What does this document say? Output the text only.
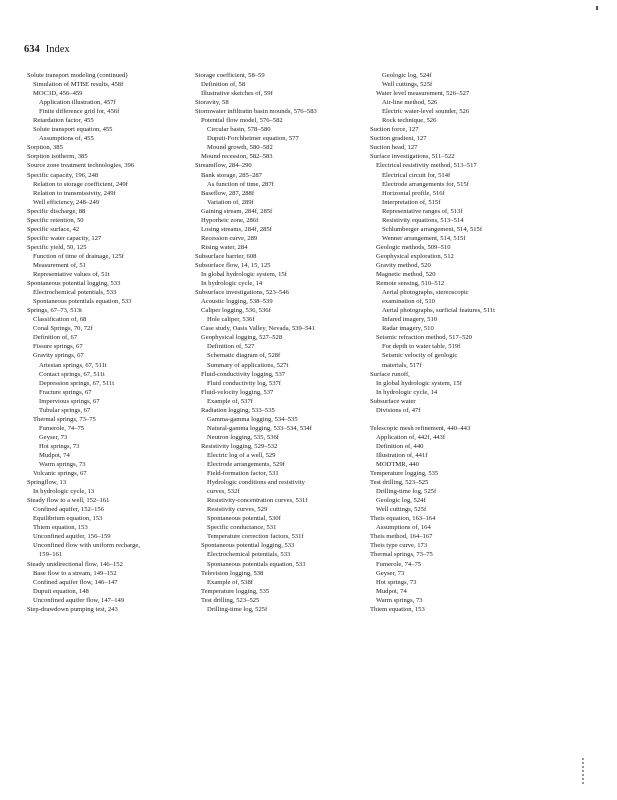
634 Index
Solute transport modeling (continued)
Simulation of MTBE results, 458f
MOC3D, 456–459
Application illustration, 457f
Finite difference grid for, 456f
Retardation factor, 455
Solute transport equation, 455
Assumptions of, 455
Sorption, 385
Sorption isotherm, 385
Source zone treatment technologies, 396
Specific capacity, 196, 248
Relation to storage coefficient, 249f
Relation to transmissivity, 249f
Well efficiency, 248–249
Specific discharge, 88
Specific retention, 50
Specific surface, 42
Specific water capacity, 127
Specific yield, 50, 125
Function of time of drainage, 125f
Measurement of, 51
Representative values of, 51t
Spontaneous potential logging, 533
Electrochemical potentials, 533
Spontaneous potentials equation, 533
Springs, 67–73, 513t
Classification of, 68
Conal Springs, 70, 72f
Definition of, 67
Fissure springs, 67
Gravity springs, 67
Artesian springs, 67, 511t
Contact springs, 67, 511t
Depression springs, 67, 511t
Fracture springs, 67
Impervious springs, 67
Tubular springs, 67
Thermal springs, 73–75
Fumerole, 74–75
Geyser, 73
Hot springs, 73
Mudpot, 74
Warm springs, 73
Volcanic springs, 67
Springflow, 13
In hydrologic cycle, 13
Steady flow to a well, 152–161
Confined aquifer, 152–156
Equilibrium equation, 153
Thiem equation, 153
Unconfined aquifer, 156–159
Unconfined flow with uniform recharge,
159–161
Steady unidirectional flow, 146–152
Base flow to a stream, 149–152
Confined aquifer flow, 146–147
Dupuit equation, 148
Unconfined aquifer flow, 147–149
Step-drawdown pumping test, 243
Storage coefficient, 58–59
Definition of, 58
Illustrative sketches of, 59f
Storavity, 58
Stormwater infiltratin basin mounds, 576–583
Potential flow model, 576–582
Circular basin, 578–580
Dupuit-Forchheimer equation, 577
Mound growth, 580–582
Mound recession, 582–583
Streamflow, 284–290
Bank storage, 285–287
As function of time, 287f
Baseflow, 287, 288f
Variation of, 289f
Gaining stream, 284f, 285f
Hyporheic zone, 286f
Losing streams, 284f, 285f
Recession curve, 289
Rising water, 284
Subsurface barrier, 608
Subsurface flow, 14, 15, 125
In global hydrologic system, 15f
In hydrologic cycle, 14
Subsurface investigations, 523–546
Acoustic logging, 538–539
Caliper logging, 536, 536f
Hole caliper, 536f
Case study, Oasis Valley, Nevada, 539–541
Geophysical logging, 527–528
Definition of, 527
Schematic diagram of, 528f
Summary of applications, 527t
Fluid-conductivity logging, 537
Fluid conductivity log, 537f
Fluid-velocity logging, 537
Example of, 537f
Radiation logging, 533–535
Gamma-gamma logging, 534–535
Natural-gamma logging, 533–534, 534f
Neutron logging, 535, 536f
Resistivity logging, 529–532
Electric log of a well, 529
Electrode arrangements, 529f
Field-formation factor, 531
Hydrologic conditions and resistivity
curves, 532f
Resistivity-concentration curves, 531f
Resistivity curves, 529
Spontaneous potential, 530f
Specific conductance, 531
Temperature correction factors, 531f
Spontaneous potential logging, 533
Electrochemical potentials, 533
Spontaneous potentials equation, 533
Television logging, 538
Example of, 538f
Temperature logging, 535
Test drilling, 523–525
Drilling-time log, 525f
Geologic log, 524f
Well cuttings, 525f
Water level measurement, 526–527
Air-line method, 526
Electric water-level sounder, 526
Rock technique, 526
Suction force, 127
Suction gradient, 127
Suction head, 127
Surface investigations, 511–522
Electrical resistivity method, 513–517
Electrical circuit for, 514f
Electrode arrangements for, 515f
Horizontal profile, 516f
Interpretation of, 515f
Representative ranges of, 513f
Resistivity equations, 513–514
Schlumberger arrangement, 514, 515f
Wenner arrangement, 514, 515f
Geologic methods, 509–510
Geophysical exploration, 512
Gravity method, 520
Magnetic method, 520
Remote sensing, 510–512
Aerial photographs, stereoscopic
examination of, 510
Aerial photographs, surficial features, 511t
Infared imagery, 510
Radar imagery, 510
Seismic refraction method, 517–520
For depth to water table, 519f
Seismic velocity of geologic
materials, 517f
Surface runoff,
In global hydrologic system, 15f
In hydrologic cycle, 14
Subsurface water
Divisions of, 47f
Telescopic mesh refinement, 440–443
Application of, 442f, 443f
Definition of, 440
Illustration of, 441f
MODTMR, 440
Temperature logging, 535
Test drilling, 523–525
Drilling-time log, 525f
Geologic log, 524f
Well cuttings, 525f
Theis equation, 163–164
Assumptions of, 164
Theis method, 164–167
Theis type curve, 173
Thermal springs, 73–75
Fumerole, 74–75
Geyser, 73
Hot springs, 73
Mudpot, 74
Warm springs, 73
Thiem equation, 153
